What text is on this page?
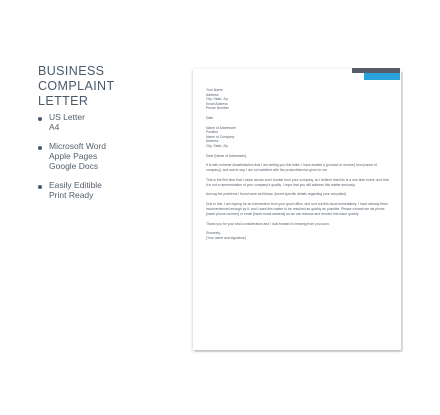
BUSINESS COMPLAINT
LETTER
US Letter
A4
Microsoft Word
Apple Pages
Google Docs
Easily Editible
Print Ready
Your Name
Address
City, State, Zip
Email Address
Phone Number
Date
Name of Addressee
Position
Name of Company
Address
City, State, Zip
Dear [Name of Addressee],
It is with extreme dissatisfaction that I am writing you this letter. I have availed a [product or service] from [name of company], and sad to say, I am not satisfied with the product/service given to me.
This is the first time that I came across such trouble from your company, so I believe that this is a one-time event, and that it is not a representative of your company's quality. I hope that you will address this matter seriously.
Among the problems I found were as follows: [insert specific details regarding your complaint].
Due to this, I am hoping for an intervention from your good office, and sort out this issue immediately. I have already been inconvenienced enough by it, and I want this matter to be resolved as quickly as possible. Please contact me via phone [insert phone number] or email [insert email address] so we can discuss and resolve this issue quickly.
Thank you for your kind consideration and I look forward to hearing from you soon.
Sincerely,
[Your name and signature]
